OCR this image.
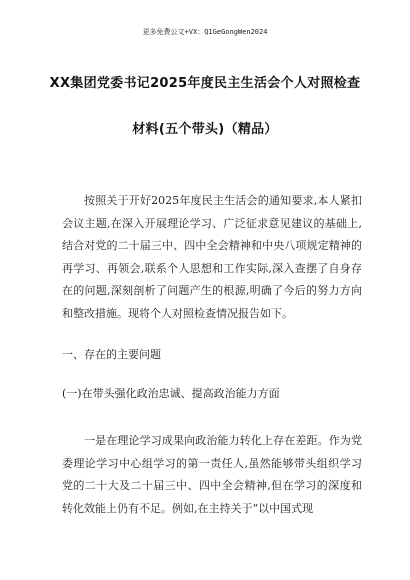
更多免费公文+VX：Q1GeGongWen2024
XX集团党委书记2025年度民主生活会个人对照检查
材料(五个带头)（精品）
按照关于开好2025年度民主生活会的通知要求,本人紧扣会议主题,在深入开展理论学习、广泛征求意见建议的基础上,结合对党的二十届三中、四中全会精神和中央八项规定精神的再学习、再领会,联系个人思想和工作实际,深入查摆了自身存在的问题,深刻剖析了问题产生的根源,明确了今后的努力方向和整改措施。现将个人对照检查情况报告如下。
一、存在的主要问题
(一)在带头强化政治忠诚、提高政治能力方面
一是在理论学习成果向政治能力转化上存在差距。作为党委理论学习中心组学习的第一责任人,虽然能够带头组织学习党的二十大及二十届三中、四中全会精神,但在学习的深度和转化效能上仍有不足。例如,在主持关于“以中国式现
